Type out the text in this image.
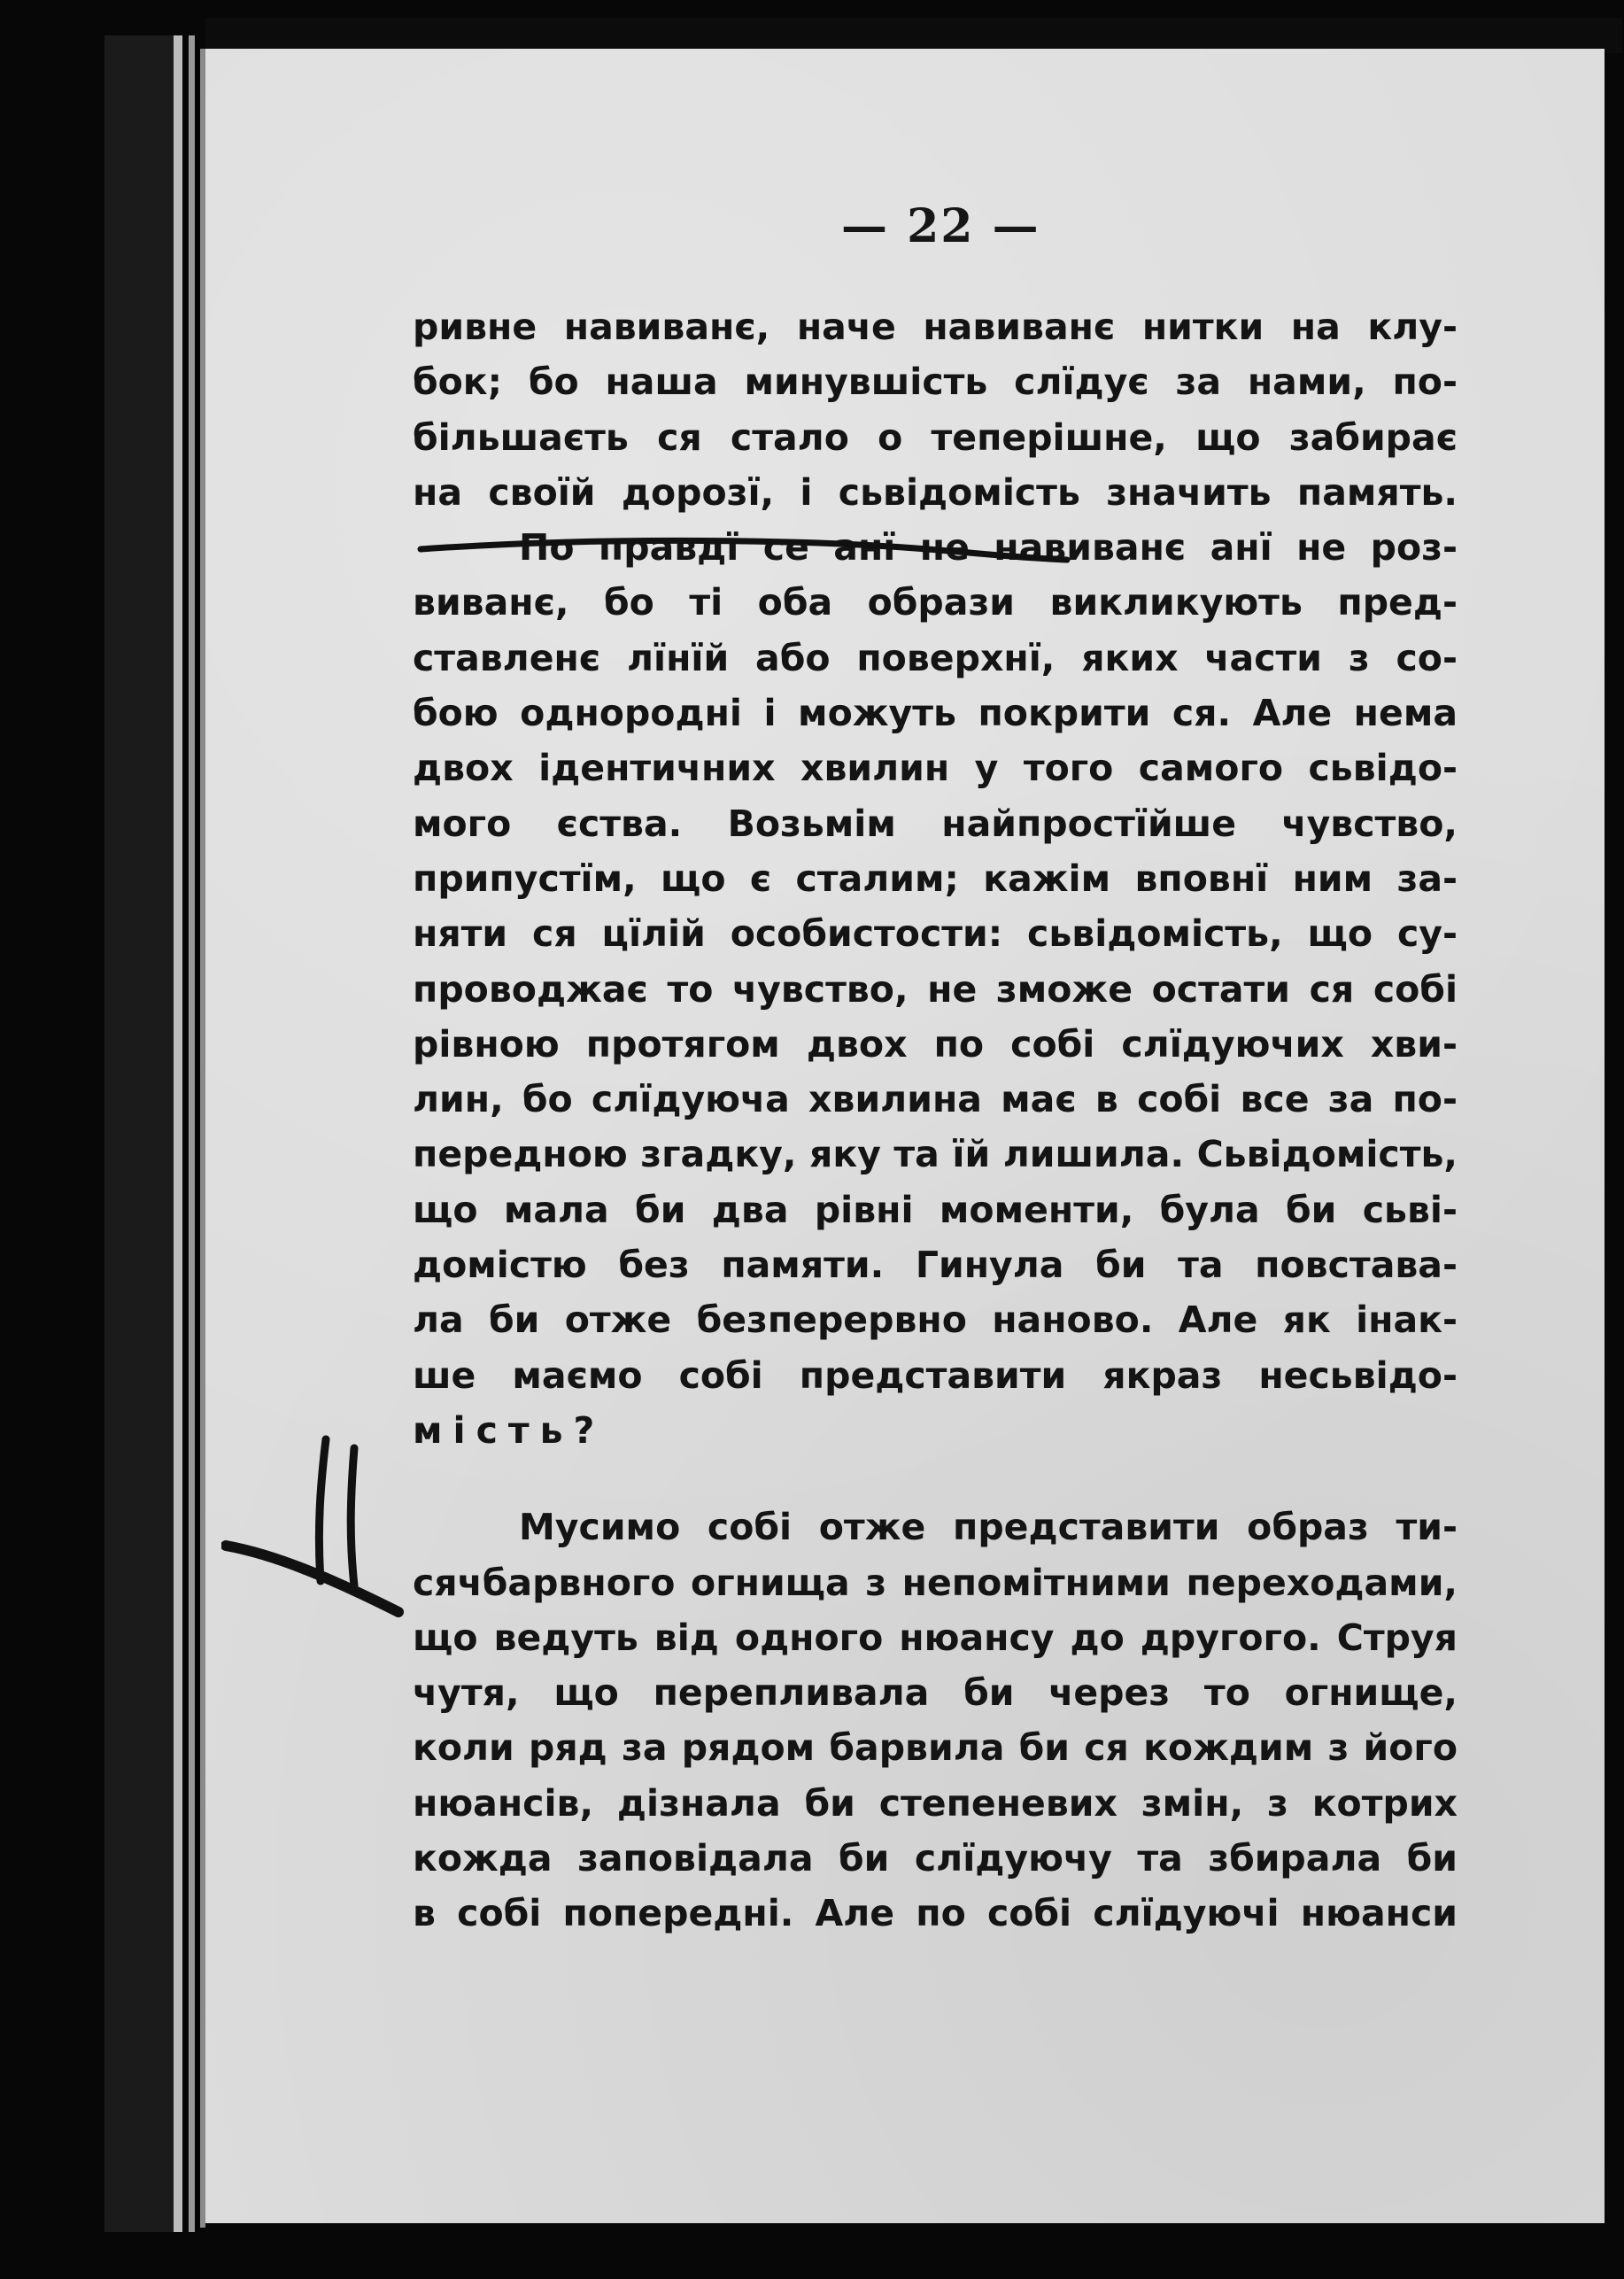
— 22 —
ривне навиванє, наче навиванє нитки на клу-
бок; бо наша минувшість слїдує за нами, по-
більшаєть ся стало о теперішне, що забирає
на своїй дорозї, і сьвідомість значить память.
По правдї се анї не навиванє анї не роз-
виванє, бо ті оба образи викликують пред-
ставленє лїнїй або поверхнї, яких части з со-
бою однородні і можуть покрити ся. Але нема
двох ідентичних хвилин у того самого сьвідо-
мого єства. Возьмім найпростїйше чувство,
припустїм, що є сталим; кажім вповнї ним за-
няти ся цїлій особистости: сьвідомість, що су-
проводжає то чувство, не зможе остати ся собі
рівною протягом двох по собі слїдуючих хви-
лин, бо слїдуюча хвилина має в собі все за по-
передною згадку, яку та їй лишила. Сьвідомість,
що мала би два рівні моменти, була би сьві-
домістю без памяти. Гинула би та повстава-
ла би отже безперервно наново. Але як інак-
ше маємо собі представити якраз несьвідо-
мість?
Мусимо собі отже представити образ ти-
сячбарвного огнища з непомітними переходами,
що ведуть від одного нюансу до другого. Струя
чутя, що перепливала би через то огнище,
коли ряд за рядом барвила би ся кождим з його
нюансів, дізнала би степеневих змін, з котрих
кожда заповідала би слїдуючу та збирала би
в собі попередні. Але по собі слїдуючі нюанси
